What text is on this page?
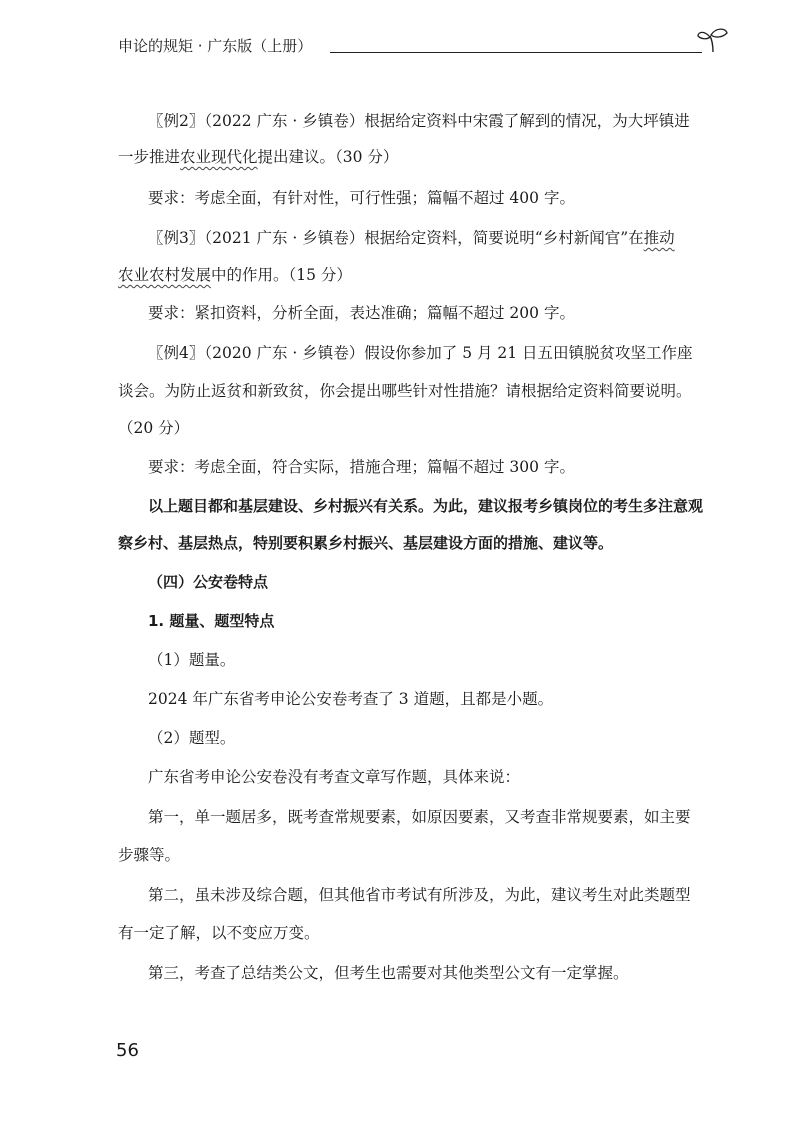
申论的规矩 · 广东版（上册）
〖例2〗（2022 广东 · 乡镇卷）根据给定资料中宋霞了解到的情况，为大坪镇进
一步推进农业现代化提出建议。（30 分）
要求：考虑全面，有针对性，可行性强；篇幅不超过 400 字。
〖例3〗（2021 广东 · 乡镇卷）根据给定资料，简要说明“乡村新闻官”在推动
农业农村发展中的作用。（15 分）
要求：紧扣资料，分析全面，表达准确；篇幅不超过 200 字。
〖例4〗（2020 广东 · 乡镇卷）假设你参加了 5 月 21 日五田镇脱贫攻坚工作座
谈会。为防止返贫和新致贫，你会提出哪些针对性措施？请根据给定资料简要说明。
（20 分）
要求：考虑全面，符合实际，措施合理；篇幅不超过 300 字。
以上题目都和基层建设、乡村振兴有关系。为此，建议报考乡镇岗位的考生多注意观
察乡村、基层热点，特别要积累乡村振兴、基层建设方面的措施、建议等。
（四）公安卷特点
1. 题量、题型特点
（1）题量。
2024 年广东省考申论公安卷考查了 3 道题，且都是小题。
（2）题型。
广东省考申论公安卷没有考查文章写作题，具体来说：
第一，单一题居多，既考查常规要素，如原因要素，又考查非常规要素，如主要
步骤等。
第二，虽未涉及综合题，但其他省市考试有所涉及，为此，建议考生对此类题型
有一定了解，以不变应万变。
第三，考查了总结类公文，但考生也需要对其他类型公文有一定掌握。
56
